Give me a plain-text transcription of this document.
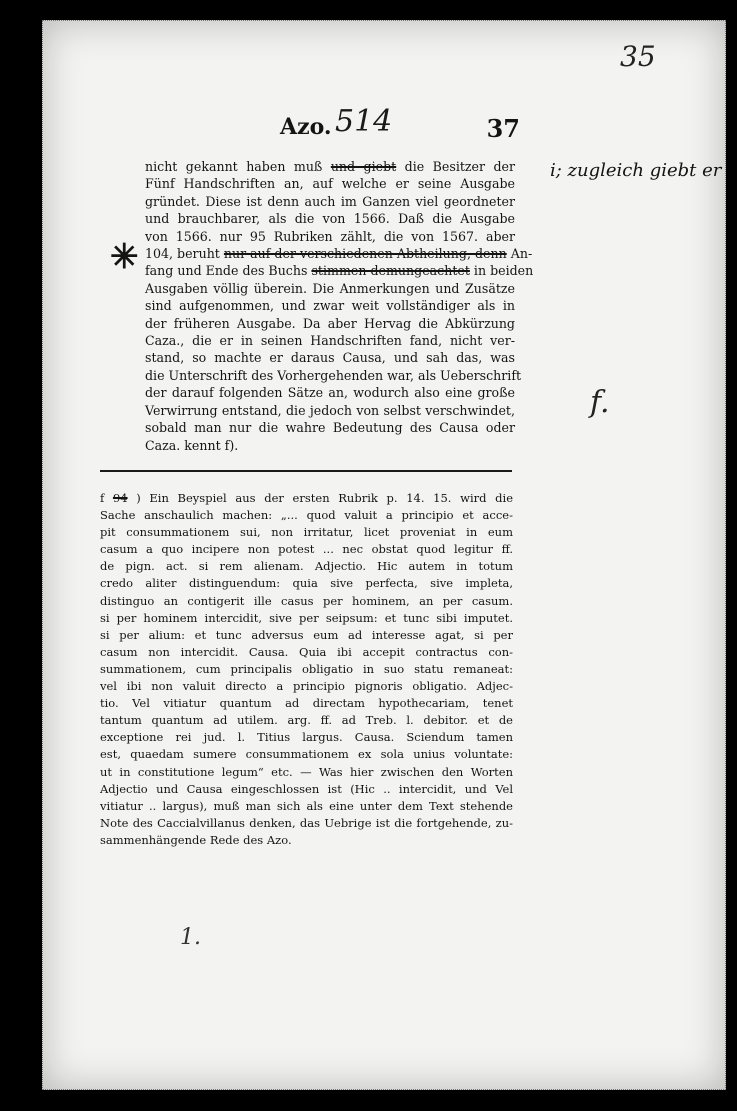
35
Azo. 514	37
i; zugleich giebt er
✳
f.
1.
nicht gekannt haben muß und giebt die Besitzer der
Fünf Handschriften an, auf welche er seine Ausgabe
gründet. Diese ist denn auch im Ganzen viel geordneter
und brauchbarer, als die von 1566. Daß die Ausgabe
von 1566. nur 95 Rubriken zählt, die von 1567. aber
104, beruht nur auf der verschiedenen Abtheilung, denn An-
fang und Ende des Buchs stimmen demungeachtet in beiden
Ausgaben völlig überein. Die Anmerkungen und Zusätze
sind aufgenommen, und zwar weit vollständiger als in
der früheren Ausgabe. Da aber Hervag die Abkürzung
Caza., die er in seinen Handschriften fand, nicht ver-
stand, so machte er daraus Causa, und sah das, was
die Unterschrift des Vorhergehenden war, als Ueberschrift
der darauf folgenden Sätze an, wodurch also eine große
Verwirrung entstand, die jedoch von selbst verschwindet,
sobald man nur die wahre Bedeutung des Causa oder
Caza. kennt f).
f 94 ) Ein Beyspiel aus der ersten Rubrik p. 14. 15. wird die
Sache anschaulich machen: „... quod valuit a principio et acce-
pit consummationem sui, non irritatur, licet proveniat in eum
casum a quo incipere non potest ... nec obstat quod legitur ff.
de pign. act. si rem alienam. Adjectio. Hic autem in totum
credo aliter distinguendum: quia sive perfecta, sive impleta,
distinguo an contigerit ille casus per hominem, an per casum.
si per hominem intercidit, sive per seipsum: et tunc sibi imputet.
si per alium: et tunc adversus eum ad interesse agat, si per
casum non intercidit. Causa. Quia ibi accepit contractus con-
summationem, cum principalis obligatio in suo statu remaneat:
vel ibi non valuit directo a principio pignoris obligatio. Adjec-
tio. Vel vitiatur quantum ad directam hypothecariam, tenet
tantum quantum ad utilem. arg. ff. ad Treb. l. debitor. et de
exceptione rei jud. l. Titius largus. Causa. Sciendum tamen
est, quaedam sumere consummationem ex sola unius voluntate:
ut in constitutione legum“ etc. — Was hier zwischen den Worten
Adjectio und Causa eingeschlossen ist (Hic .. intercidit, und Vel
vitiatur .. largus), muß man sich als eine unter dem Text stehende
Note des Caccialvillanus denken, das Uebrige ist die fortgehende, zu-
sammenhängende Rede des Azo.
